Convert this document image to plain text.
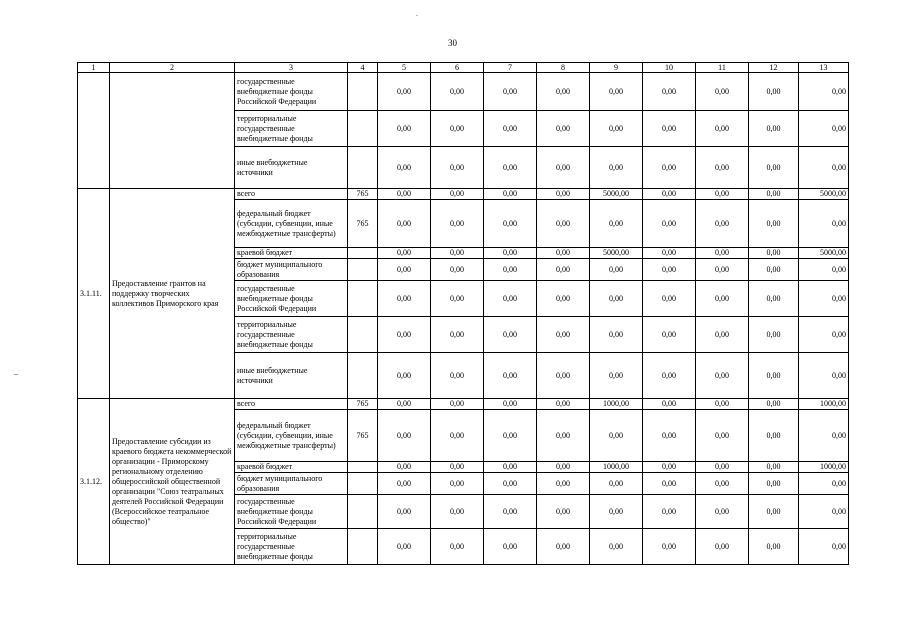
30
1	2	3	4	5	6	7	8	9	10	11	12	13
		государственные внебюджетные фонды Российской Федерации		0,00	0,00	0,00	0,00	0,00	0,00	0,00	0,00	0,00
		территориальные государственные внебюджетные фонды		0,00	0,00	0,00	0,00	0,00	0,00	0,00	0,00	0,00
		иные внебюджетные источники		0,00	0,00	0,00	0,00	0,00	0,00	0,00	0,00	0,00
3.1.11.	Предоставление грантов на поддержку творческих коллективов Приморского края	всего	765	0,00	0,00	0,00	0,00	5000,00	0,00	0,00	0,00	5000,00
		федеральный бюджет (субсидии, субвенции, иные межбюджетные трансферты)	765	0,00	0,00	0,00	0,00	0,00	0,00	0,00	0,00	0,00
		краевой бюджет		0,00	0,00	0,00	0,00	5000,00	0,00	0,00	0,00	5000,00
		бюджет муниципального образования		0,00	0,00	0,00	0,00	0,00	0,00	0,00	0,00	0,00
		государственные внебюджетные фонды Российской Федерации		0,00	0,00	0,00	0,00	0,00	0,00	0,00	0,00	0,00
		территориальные государственные внебюджетные фонды		0,00	0,00	0,00	0,00	0,00	0,00	0,00	0,00	0,00
		иные внебюджетные источники		0,00	0,00	0,00	0,00	0,00	0,00	0,00	0,00	0,00
3.1.12.	Предоставление субсидии из краевого бюджета некоммерческой организации - Приморскому региональному отделению общероссийской общественной организации "Союз театральных деятелей Российской Федерации (Всероссийское театральное общество)"	всего	765	0,00	0,00	0,00	0,00	1000,00	0,00	0,00	0,00	1000,00
		федеральный бюджет (субсидии, субвенции, иные межбюджетные трансферты)	765	0,00	0,00	0,00	0,00	0,00	0,00	0,00	0,00	0,00
		краевой бюджет		0,00	0,00	0,00	0,00	1000,00	0,00	0,00	0,00	1000,00
		бюджет муниципального образования		0,00	0,00	0,00	0,00	0,00	0,00	0,00	0,00	0,00
		государственные внебюджетные фонды Российской Федерации		0,00	0,00	0,00	0,00	0,00	0,00	0,00	0,00	0,00
		территориальные государственные внебюджетные фонды		0,00	0,00	0,00	0,00	0,00	0,00	0,00	0,00	0,00
